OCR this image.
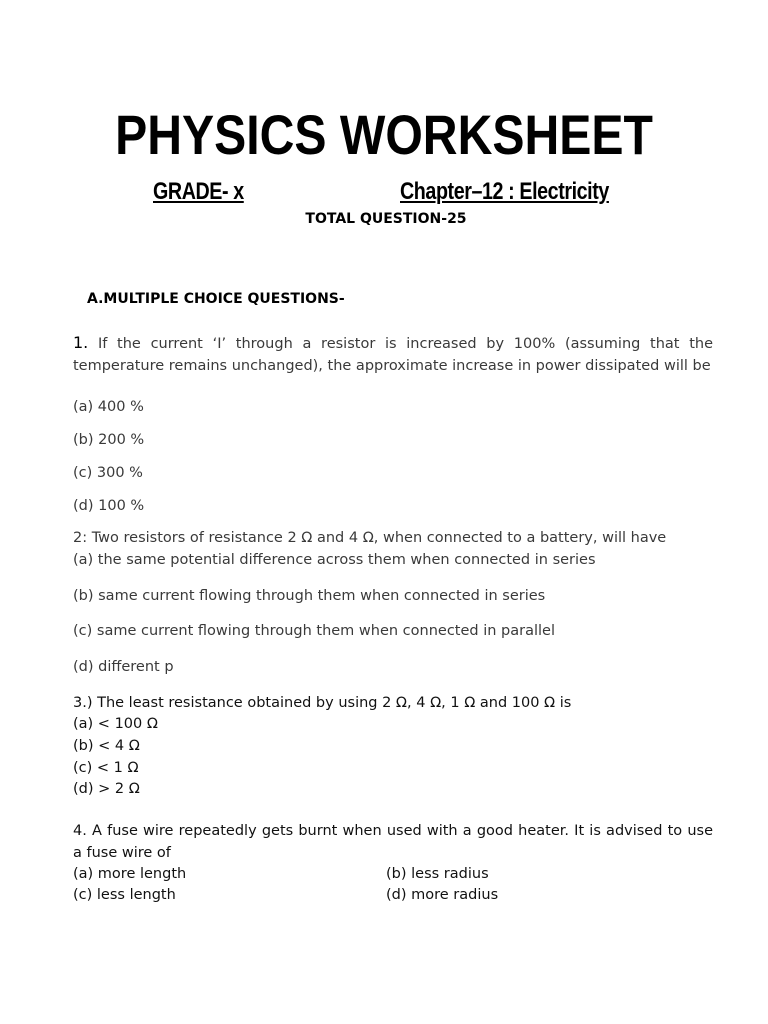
PHYSICS WORKSHEET
GRADE- x	Chapter–12 : Electricity
TOTAL QUESTION-25
A.MULTIPLE CHOICE QUESTIONS-
1. If the current ‘I’ through a resistor is increased by 100% (assuming that the temperature remains unchanged), the approximate increase in power dissipated will be
(a) 400 %
(b) 200 %
(c) 300 %
(d) 100 %
2: Two resistors of resistance 2 Ω and 4 Ω, when connected to a battery, will have
(a) the same potential difference across them when connected in series
(b) same current flowing through them when connected in series
(c) same current flowing through them when connected in parallel
(d) different p
3.) The least resistance obtained by using 2 Ω, 4 Ω, 1 Ω and 100 Ω is
(a) < 100 Ω
(b) < 4 Ω
(c) < 1 Ω
(d) > 2 Ω
4. A fuse wire repeatedly gets burnt when used with a good heater. It is advised to use a fuse wire of
(a) more length	(b) less radius
(c) less length	(d) more radius
